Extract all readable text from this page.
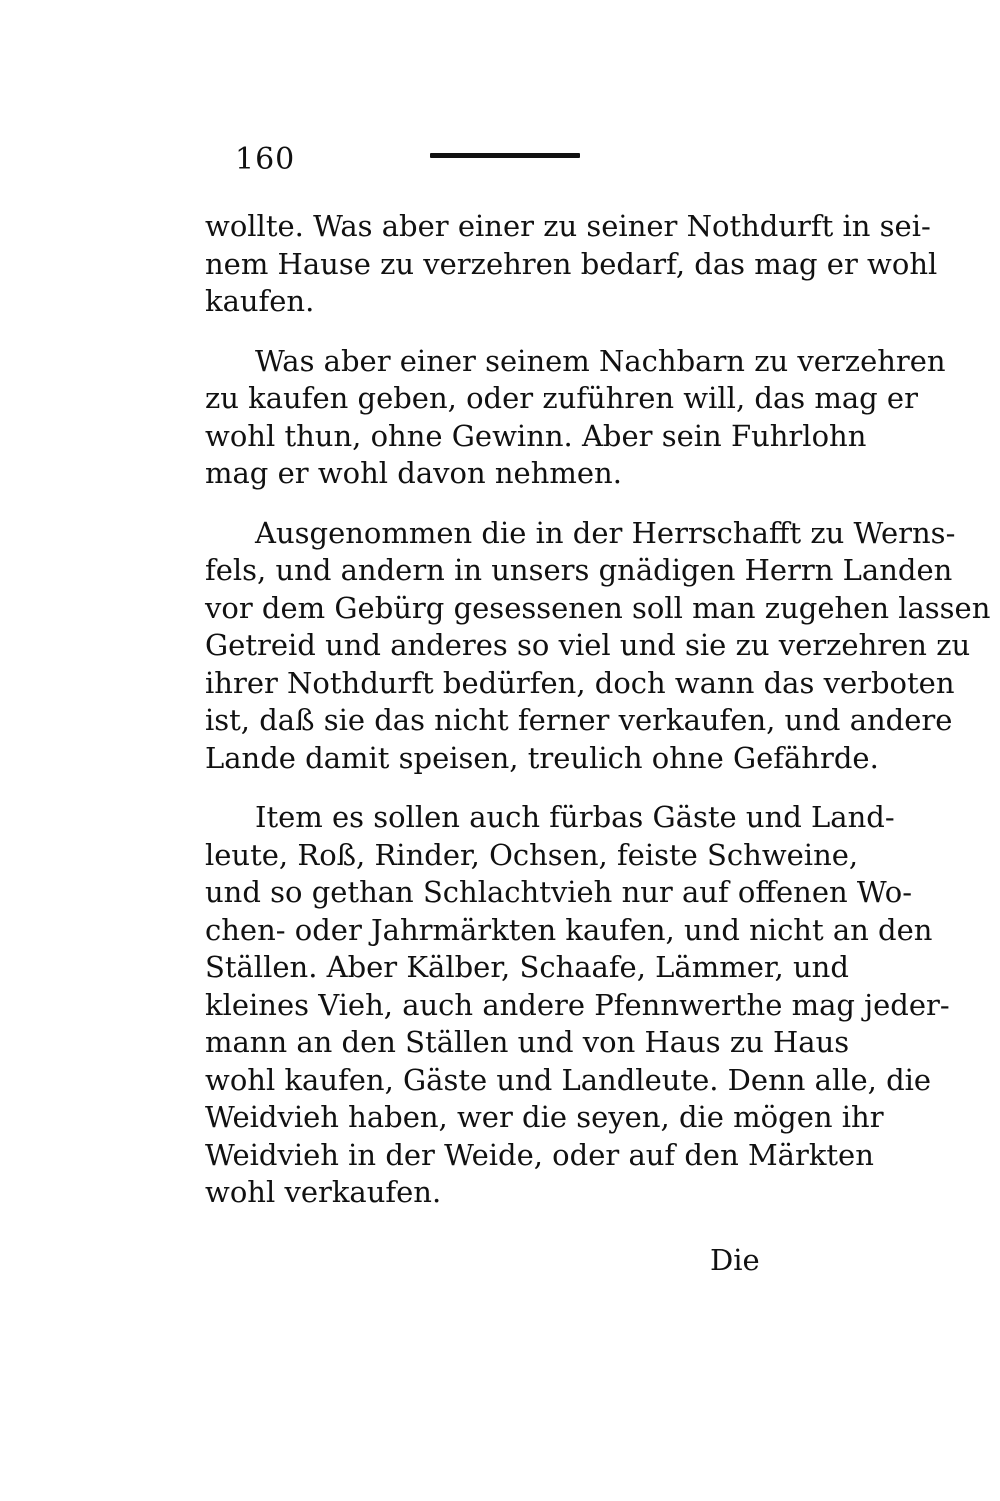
160
wollte. Was aber einer zu seiner Nothdurft in sei-
nem Hause zu verzehren bedarf, das mag er wohl
kaufen.
Was aber einer seinem Nachbarn zu verzehren
zu kaufen geben, oder zuführen will, das mag er
wohl thun, ohne Gewinn. Aber sein Fuhrlohn
mag er wohl davon nehmen.
Ausgenommen die in der Herrschafft zu Werns-
fels, und andern in unsers gnädigen Herrn Landen
vor dem Gebürg gesessenen soll man zugehen lassen
Getreid und anderes so viel und sie zu verzehren zu
ihrer Nothdurft bedürfen, doch wann das verboten
ist, daß sie das nicht ferner verkaufen, und andere
Lande damit speisen, treulich ohne Gefährde.
Item es sollen auch fürbas Gäste und Land-
leute, Roß, Rinder, Ochsen, feiste Schweine,
und so gethan Schlachtvieh nur auf offenen Wo-
chen- oder Jahrmärkten kaufen, und nicht an den
Ställen. Aber Kälber, Schaafe, Lämmer, und
kleines Vieh, auch andere Pfennwerthe mag jeder-
mann an den Ställen und von Haus zu Haus
wohl kaufen, Gäste und Landleute. Denn alle, die
Weidvieh haben, wer die seyen, die mögen ihr
Weidvieh in der Weide, oder auf den Märkten
wohl verkaufen.
Die
